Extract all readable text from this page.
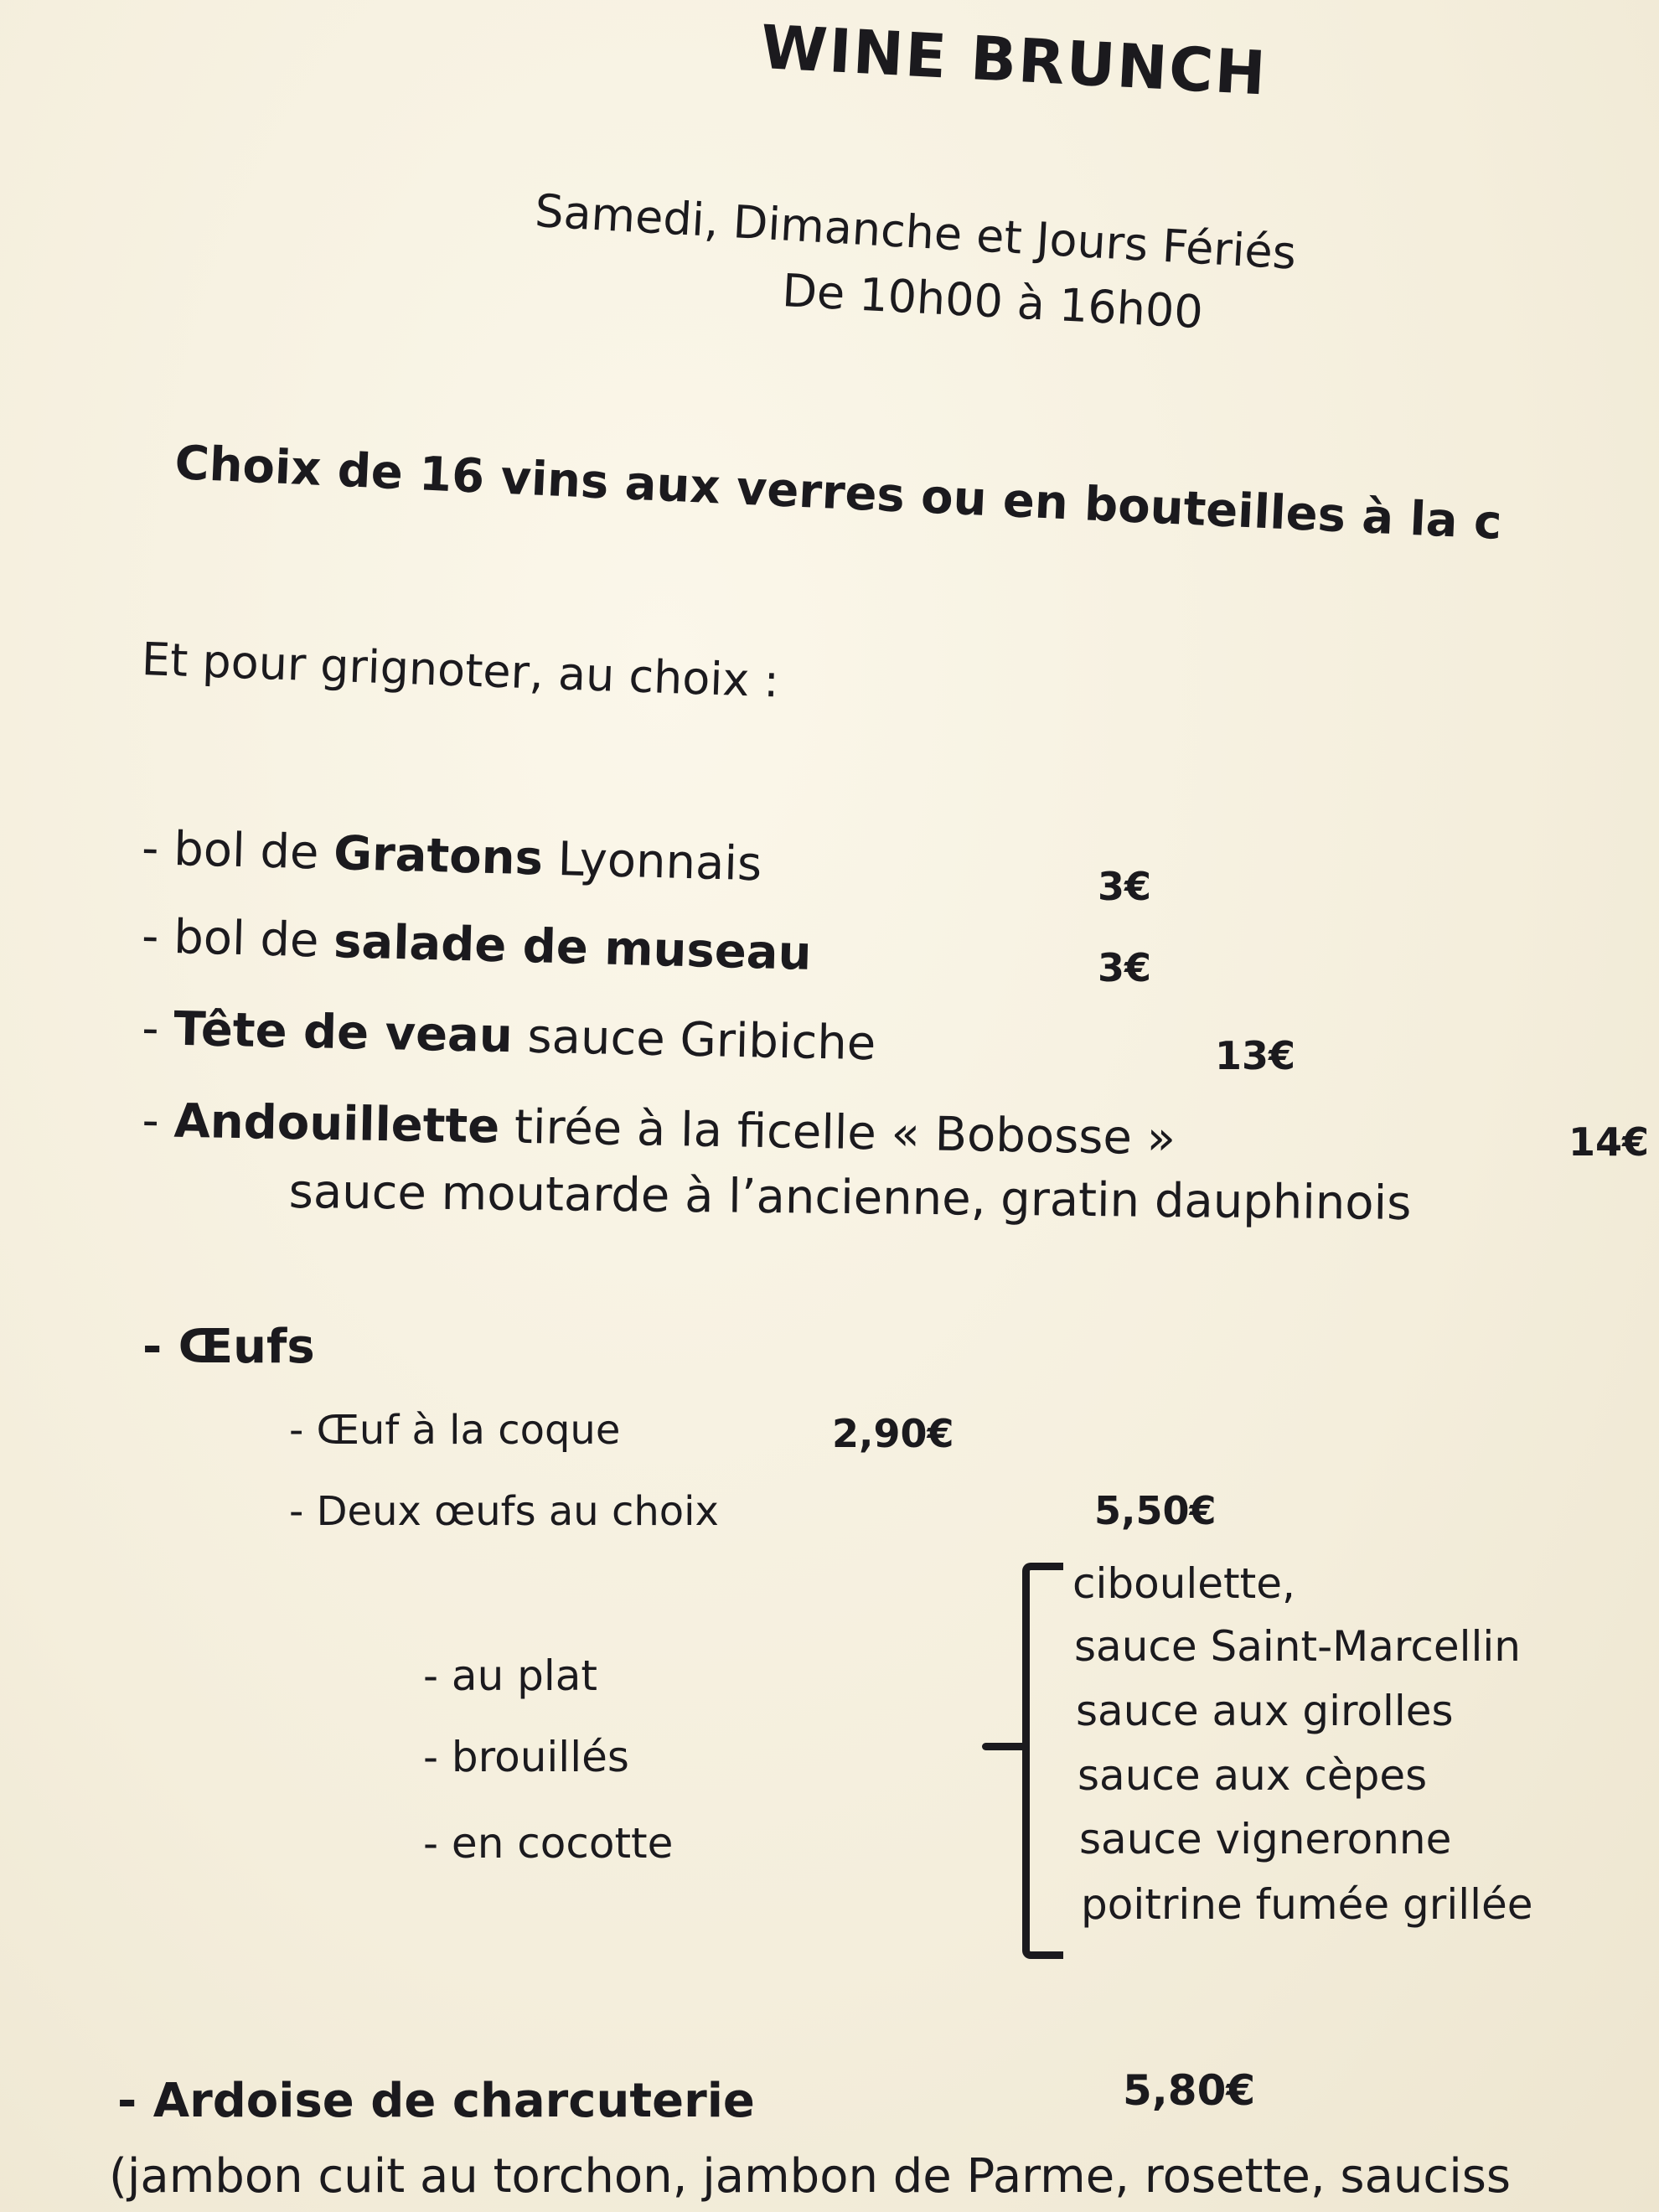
WINE BRUNCH
Samedi, Dimanche et Jours Fériés
De 10h00 à 16h00
Choix de 16 vins aux verres ou en bouteilles à la c
Et pour grignoter, au choix :
- bol de Gratons Lyonnais	3€
- bol de salade de museau	3€
- Tête de veau sauce Gribiche	13€
- Andouillette tirée à la ficelle « Bobosse »	14€
sauce moutarde à l’ancienne, gratin dauphinois
- Œufs
- Œuf à la coque	2,90€
- Deux œufs au choix	5,50€
- au plat
- brouillés
- en cocotte
ciboulette,
sauce Saint-Marcellin
sauce aux girolles
sauce aux cèpes
sauce vigneronne
poitrine fumée grillée
- Ardoise de charcuterie	5,80€
(jambon cuit au torchon, jambon de Parme, rosette, sauciss
